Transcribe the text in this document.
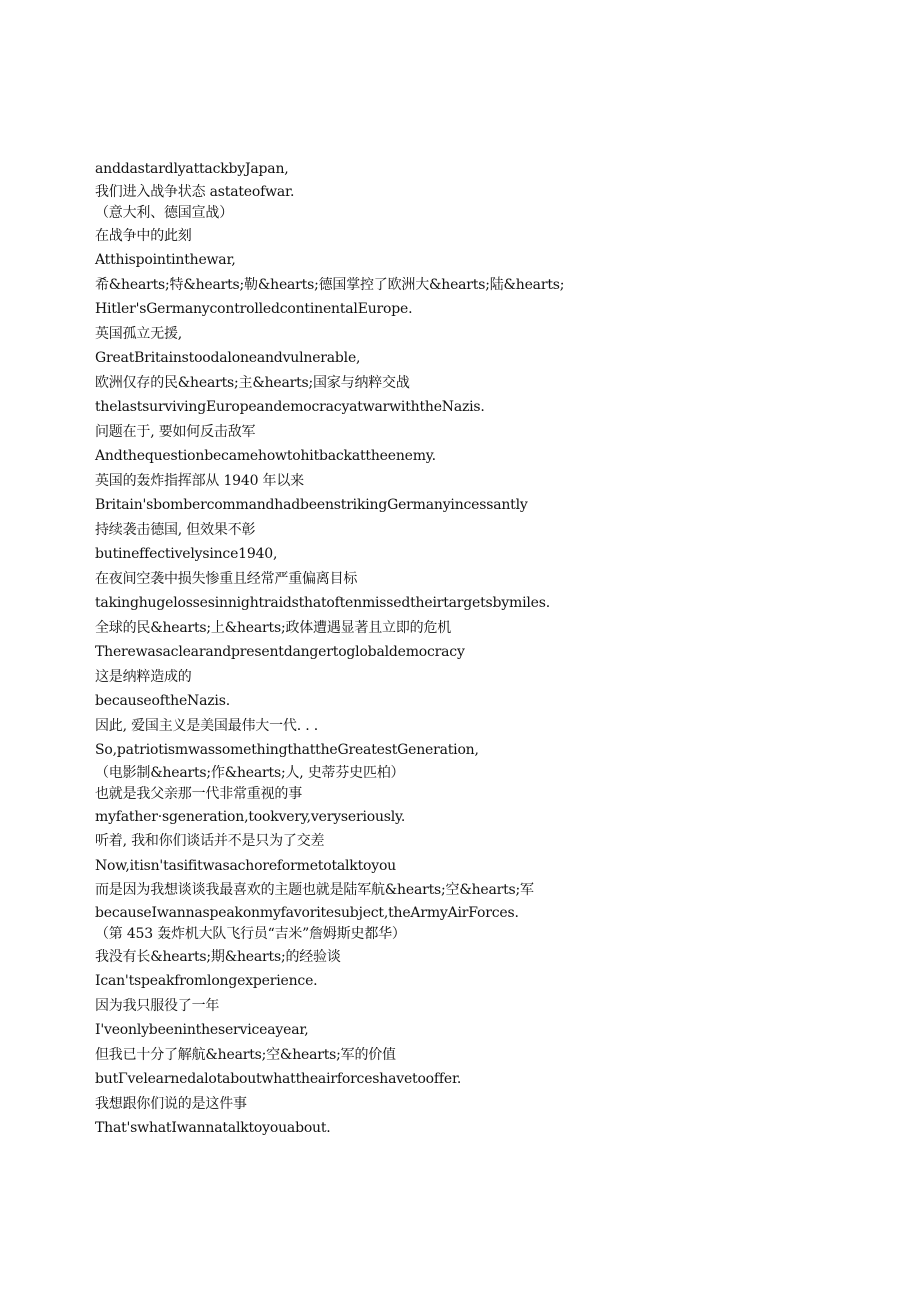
anddastardlyattackbyJapan,
我们进入战争状态 astateofwar.
（意大利、德国宣战）
在战争中的此刻
Atthispointinthewar,
希&hearts;特&hearts;勒&hearts;德国掌控了欧洲大&hearts;陆&hearts;
Hitler'sGermanycontrolledcontinentalEurope.
英国孤立无援,
GreatBritainstoodaloneandvulnerable,
欧洲仅存的民&hearts;主&hearts;国家与纳粹交战
thelastsurvivingEuropeandemocracyatwarwiththeNazis.
问题在于, 要如何反击敌军
Andthequestionbecamehowtohitbackattheenemy.
英国的轰炸指挥部从 1940 年以来
Britain'sbombercommandhadbeenstrikingGermanyincessantly
持续袭击德国, 但效果不彰
butineffectivelysince1940,
在夜间空袭中损失惨重且经常严重偏离目标
takinghugelossesinnightraidsthatoftenmissedtheirtargetsbymiles.
全球的民&hearts;上&hearts;政体遭遇显著且立即的危机
Therewasaclearandpresentdangertoglobaldemocracy
这是纳粹造成的
becauseoftheNazis.
因此, 爱国主义是美国最伟大一代. . .
So,patriotismwassomethingthattheGreatestGeneration,
（电影制&hearts;作&hearts;人, 史蒂芬史匹柏）
也就是我父亲那一代非常重视的事
myfather·sgeneration,tookvery,veryseriously.
听着, 我和你们谈话并不是只为了交差
Now,itisn'tasifitwasachoreformetotalktoyou
而是因为我想谈谈我最喜欢的主题也就是陆军航&hearts;空&hearts;军
becauseIwannaspeakonmyfavoritesubject,theArmyAirForces.
（第 453 轰炸机大队飞行员“吉米”詹姆斯史都华）
我没有长&hearts;期&hearts;的经验谈
Ican'tspeakfromlongexperience.
因为我只服役了一年
I'veonlybeenintheserviceayear,
但我已十分了解航&hearts;空&hearts;军的价值
butΓvelearnedalotaboutwhattheairforceshavetooffer.
我想跟你们说的是这件事
That'swhatIwannatalktoyouabout.
